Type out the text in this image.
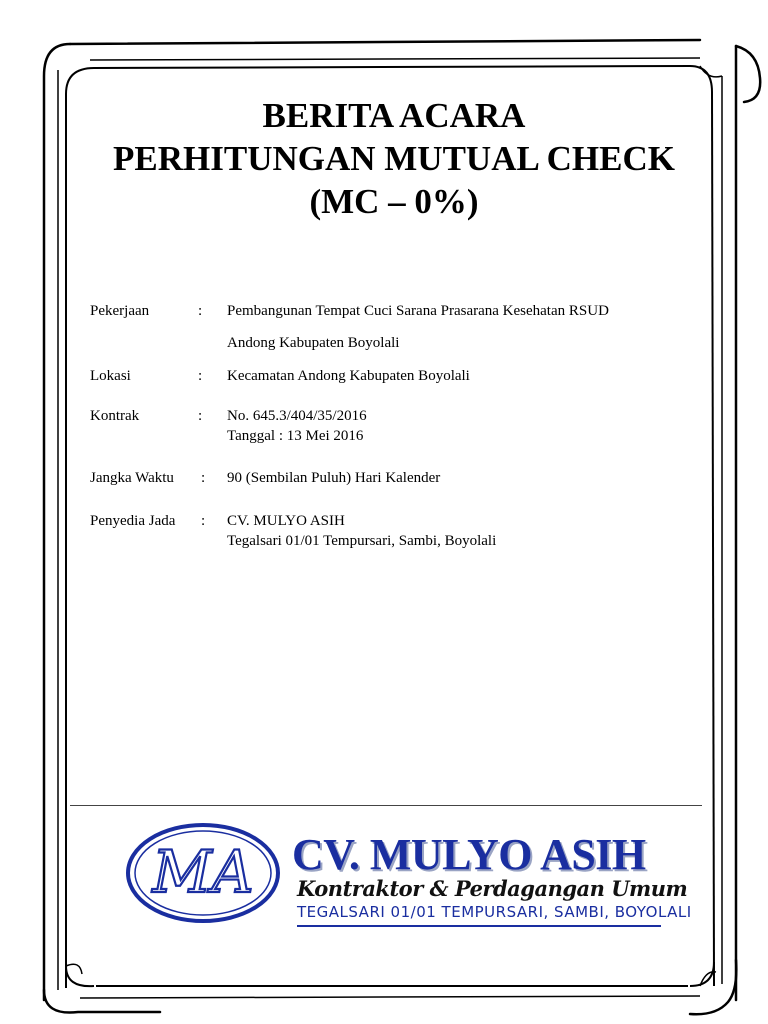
BERITA ACARA
PERHITUNGAN MUTUAL CHECK
(MC – 0%)
Pekerjaan	: Pembangunan Tempat Cuci Sarana Prasarana Kesehatan RSUD
Andong Kabupaten Boyolali
Lokasi	: Kecamatan Andong Kabupaten Boyolali
Kontrak	: No. 645.3/404/35/2016
Tanggal : 13 Mei 2016
Jangka Waktu : 90 (Sembilan Puluh) Hari Kalender
Penyedia Jada : CV. MULYO ASIH
Tegalsari 01/01 Tempursari, Sambi, Boyolali
MA CV. MULYO ASIH
Kontraktor & Perdagangan Umum
TEGALSARI 01/01 TEMPURSARI, SAMBI, BOYOLALI
